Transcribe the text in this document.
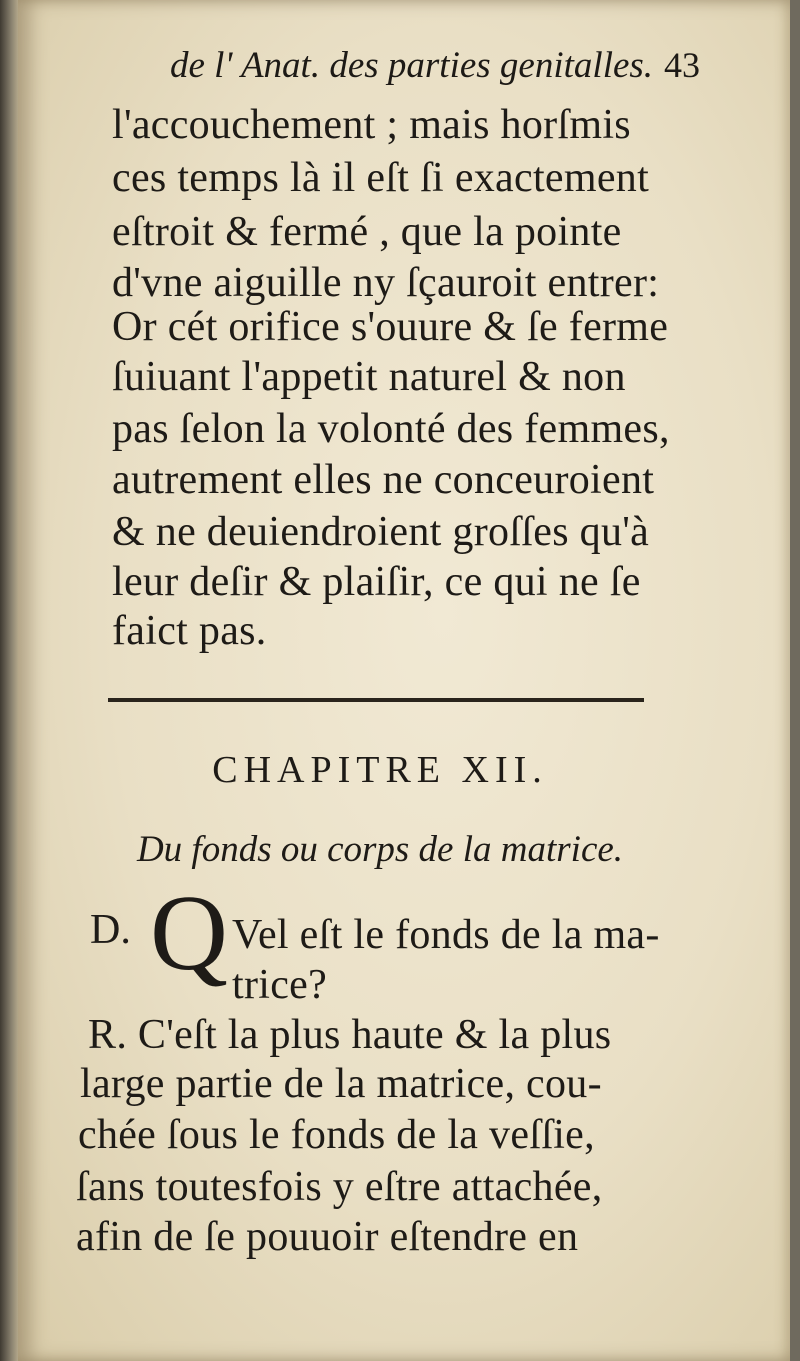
de l' Anat. des parties genitalles. 43
l'accouchement ; mais horſmis
ces temps là il eſt ſi exactement
eſtroit & fermé , que la pointe
d'vne aiguille ny ſçauroit entrer:
Or cét orifice s'ouure & ſe ferme
ſuiuant l'appetit naturel & non
pas ſelon la volonté des femmes,
autrement elles ne conceuroient
& ne deuiendroient groſſes qu'à
leur deſir & plaiſir, ce qui ne ſe
faict pas.
CHAPITRE XII.
Du fonds ou corps de la matrice.
D. Q Vel eſt le fonds de la ma-
trice?
R. C'eſt la plus haute & la plus
large partie de la matrice, cou-
chée ſous le fonds de la veſſie,
ſans toutesfois y eſtre attachée,
afin de ſe pouuoir eſtendre en
